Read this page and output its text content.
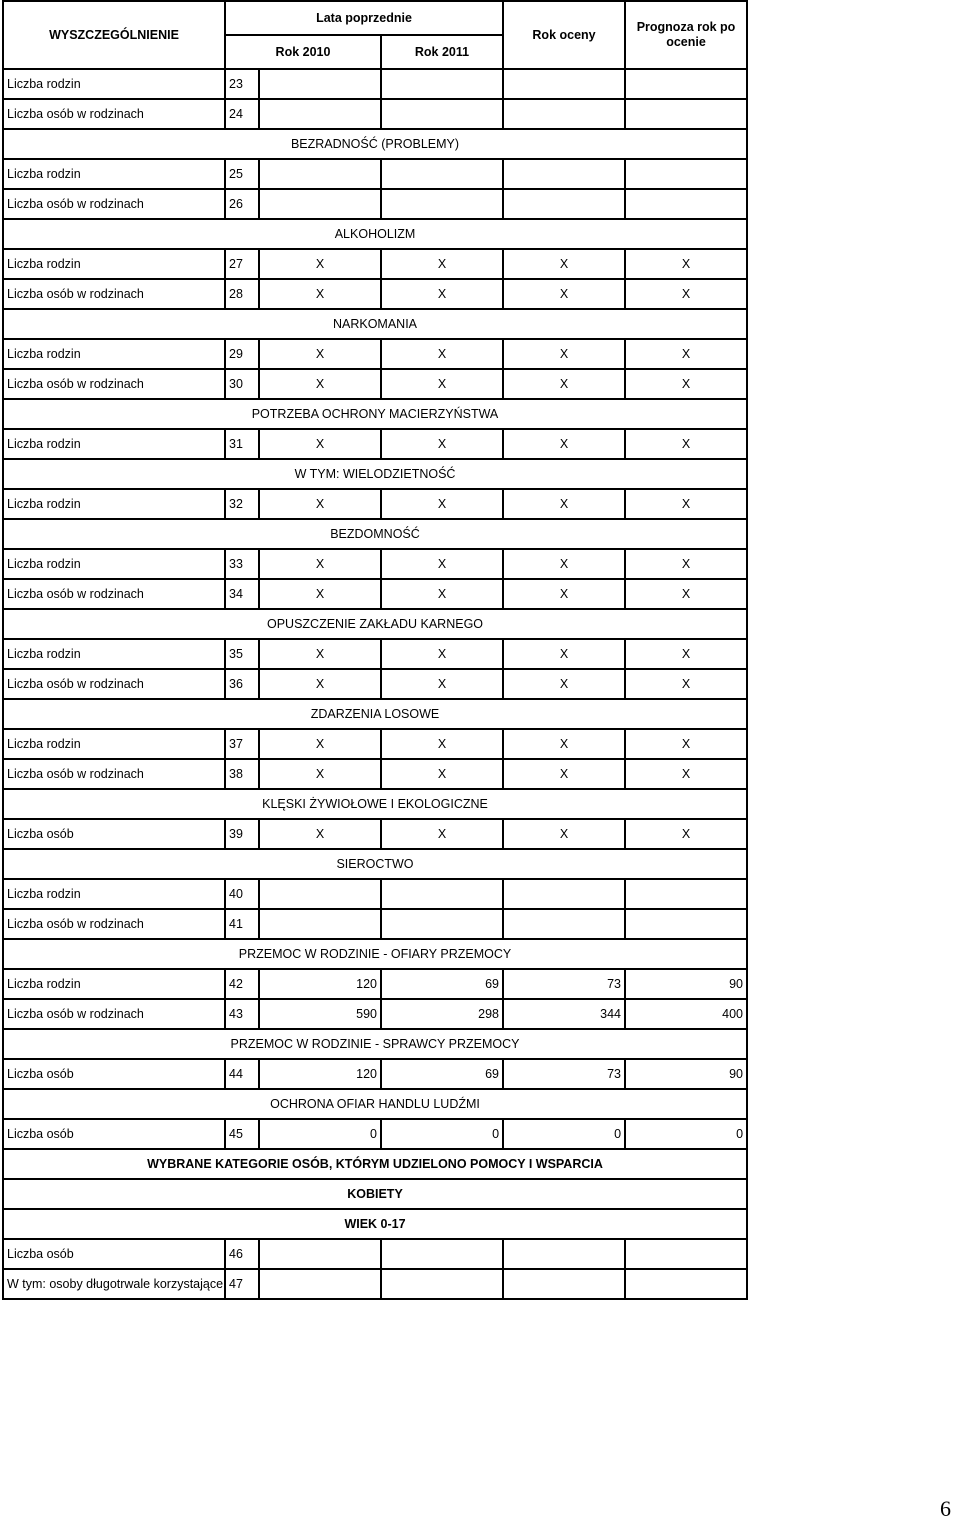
WYSZCZEGÓLNIENIE	Lata poprzednie			Rok oceny	Prognoza rok po ocenie
	Rok 2010		Rok 2011		
Liczba rodzin	23				
Liczba osób w rodzinach	24				
BEZRADNOŚĆ (PROBLEMY)					
Liczba rodzin	25				
Liczba osób w rodzinach	26				
ALKOHOLIZM					
Liczba rodzin	27	X	X	X	X
Liczba osób w rodzinach	28	X	X	X	X
NARKOMANIA					
Liczba rodzin	29	X	X	X	X
Liczba osób w rodzinach	30	X	X	X	X
POTRZEBA OCHRONY MACIERZYŃSTWA					
Liczba rodzin	31	X	X	X	X
W TYM: WIELODZIETNOŚĆ					
Liczba rodzin	32	X	X	X	X
BEZDOMNOŚĆ					
Liczba rodzin	33	X	X	X	X
Liczba osób w rodzinach	34	X	X	X	X
OPUSZCZENIE ZAKŁADU KARNEGO					
Liczba rodzin	35	X	X	X	X
Liczba osób w rodzinach	36	X	X	X	X
ZDARZENIA LOSOWE					
Liczba rodzin	37	X	X	X	X
Liczba osób w rodzinach	38	X	X	X	X
KLĘSKI ŻYWIOŁOWE I EKOLOGICZNE					
Liczba osób	39	X	X	X	X
SIEROCTWO					
Liczba rodzin	40				
Liczba osób w rodzinach	41				
PRZEMOC W RODZINIE - OFIARY PRZEMOCY					
Liczba rodzin	42	120	69	73	90
Liczba osób w rodzinach	43	590	298	344	400
PRZEMOC W RODZINIE - SPRAWCY PRZEMOCY					
Liczba osób	44	120	69	73	90
OCHRONA OFIAR HANDLU LUDŹMI					
Liczba osób	45	0	0	0	0
WYBRANE KATEGORIE OSÓB, KTÓRYM UDZIELONO POMOCY I WSPARCIA					
KOBIETY					
WIEK 0-17					
Liczba osób	46				
W tym: osoby długotrwale korzystające	47				
6
